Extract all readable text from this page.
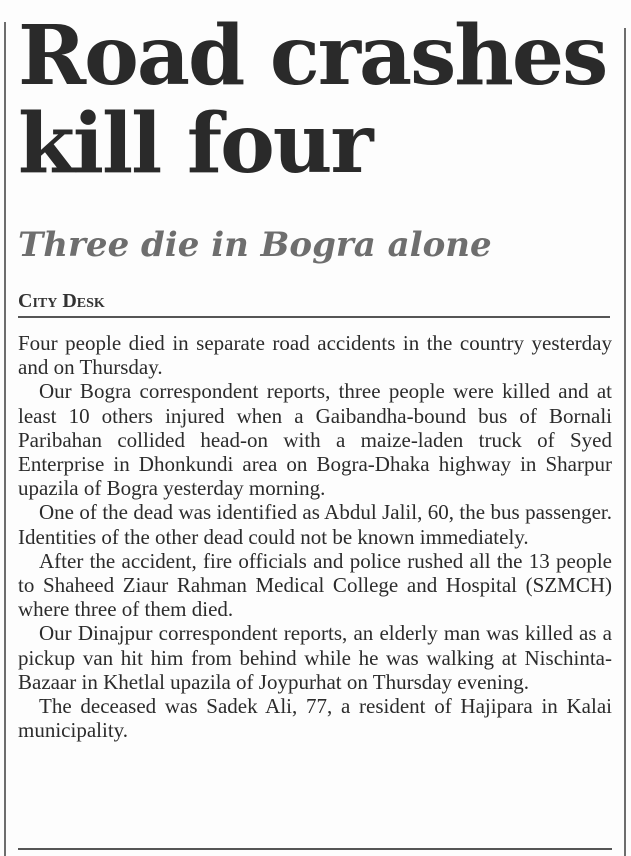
Road crashes kill four
Three die in Bogra alone
City Desk

Four people died in separate road accidents in the country yesterday and on Thursday.

Our Bogra correspondent reports, three people were killed and at least 10 others injured when a Gaibandha-bound bus of Bornali Paribahan collided head-on with a maize-laden truck of Syed Enterprise in Dhonkundi area on Bogra-Dhaka highway in Sharpur upazila of Bogra yesterday morning.

One of the dead was identified as Abdul Jalil, 60, the bus passenger. Identities of the other dead could not be known immediately.

After the accident, fire officials and police rushed all the 13 people to Shaheed Ziaur Rahman Medical College and Hospital (SZMCH) where three of them died.

Our Dinajpur correspondent reports, an elderly man was killed as a pickup van hit him from behind while he was walking at Nischinta-Bazaar in Khetlal upazila of Joypurhat on Thursday evening.

The deceased was Sadek Ali, 77, a resident of Hajipara in Kalai municipality.
